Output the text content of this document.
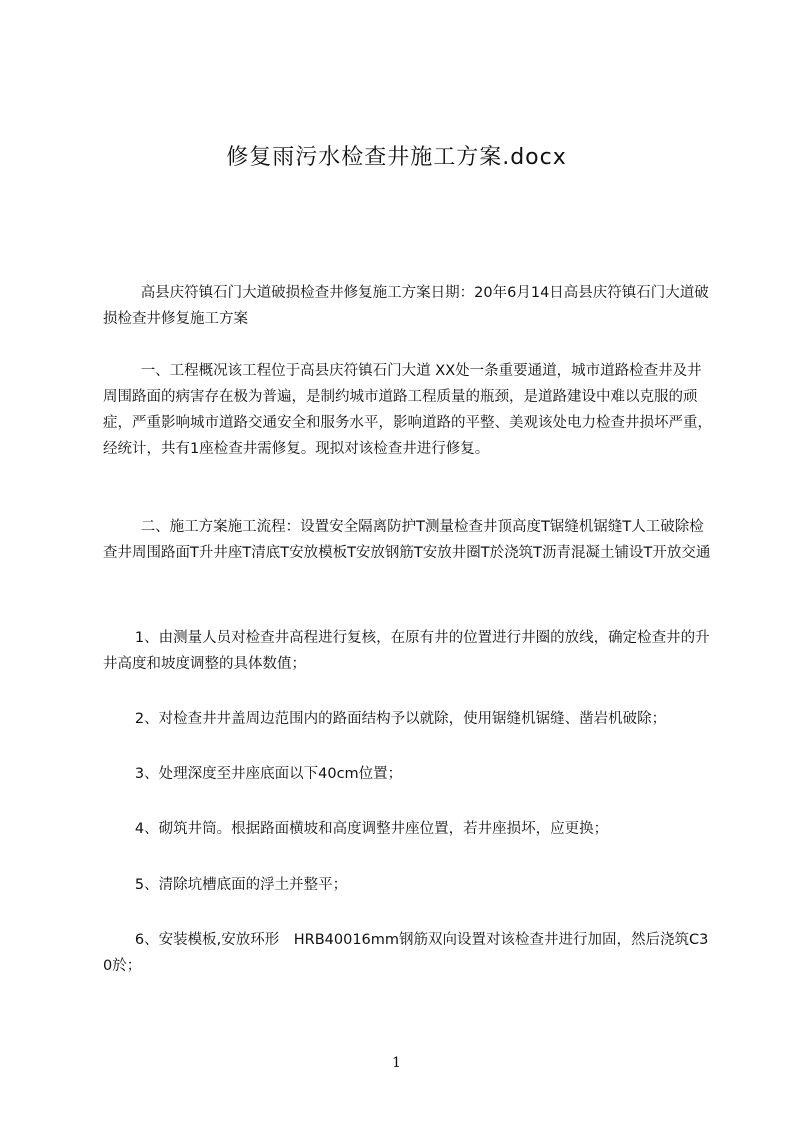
修复雨污水检查井施工方案.docx

高县庆符镇石门大道破损检查井修复施工方案日期：20年6月14日高县庆符镇石门大道破损检查井修复施工方案

一、工程概况该工程位于高县庆符镇石门大道 XX处一条重要通道，城市道路检查井及井周围路面的病害存在极为普遍，是制约城市道路工程质量的瓶颈，是道路建设中难以克服的顽症，严重影响城市道路交通安全和服务水平，影响道路的平整、美观该处电力检查井损坏严重，经统计，共有1座检查井需修复。现拟对该检查井进行修复。

二、施工方案施工流程：设置安全隔离防护T测量检查井顶高度T锯缝机锯缝T人工破除检查井周围路面T升井座T清底T安放模板T安放钢筋T安放井圈T於浇筑T沥青混凝土铺设T开放交通

1、由测量人员对检查井高程进行复核，在原有井的位置进行井圈的放线，确定检查井的升井高度和坡度调整的具体数值；

2、对检查井井盖周边范围内的路面结构予以就除，使用锯缝机锯缝、凿岩机破除；

3、处理深度至井座底面以下40cm位置；

4、砌筑井筒。根据路面横坡和高度调整井座位置，若井座损坏，应更换；

5、清除坑槽底面的浮土并整平；

6、安装模板,安放环形　HRB40016mm钢筋双向设置对该检查井进行加固，然后浇筑C30於；

1
